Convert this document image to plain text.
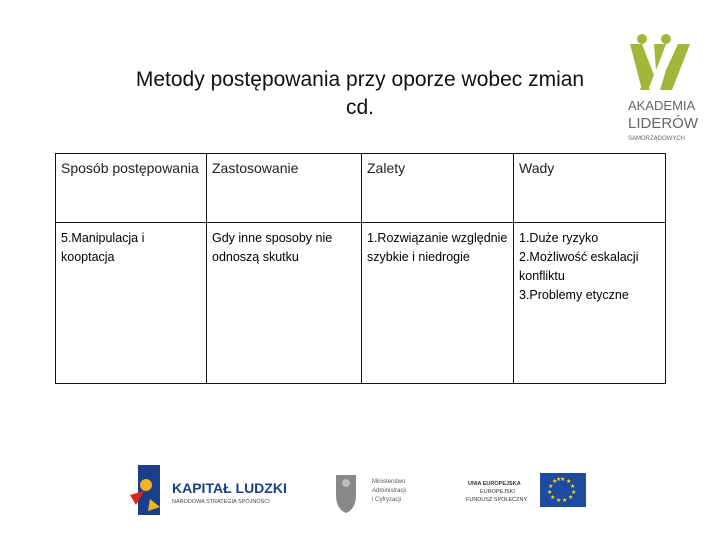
Metody postępowania przy oporze wobec zmian
cd.	AKADEMIA
LIDERÓW
SAMORZĄDOWYCH
Sposób postępowania	Zastosowanie	Zalety	Wady
5.Manipulacja i kooptacja	Gdy inne sposoby nie odnoszą skutku	1.Rozwiązanie względnie szybkie i niedrogie	1.Duże ryzyko
2.Możliwość eskalacji konfliktu
3.Problemy etyczne
KAPITAŁ LUDZKI
NARODOWA STRATEGIA SPÓJNOŚCI
Ministerstwo
Administracji
i Cyfryzacji
UNIA EUROPEJSKA
EUROPEJSKI
FUNDUSZ SPOŁECZNY
★ ★
★
★
★
★
★
★
★
★
★
★
